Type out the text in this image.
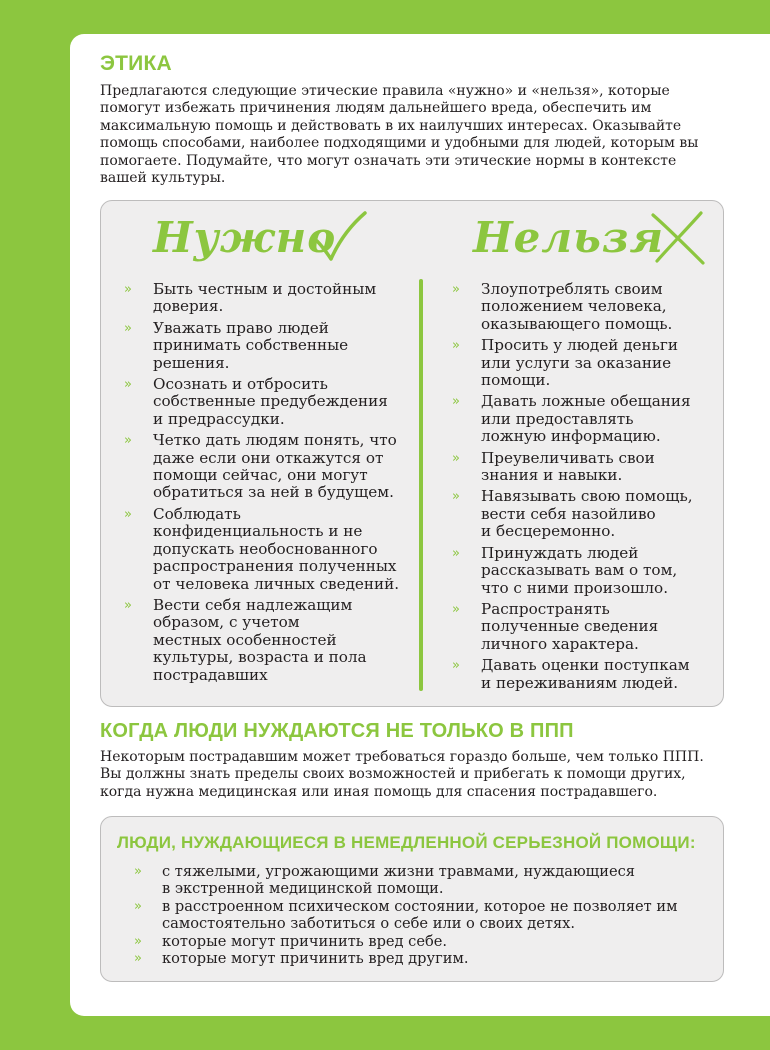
ЭТИКА
Предлагаются следующие этические правила «нужно» и «нельзя», которые
помогут избежать причинения людям дальнейшего вреда, обеспечить им
максимальную помощь и действовать в их наилучших интересах. Оказывайте
помощь способами, наиболее подходящими и удобными для людей, которым вы
помогаете. Подумайте, что могут означать эти этические нормы в контексте
вашей культуры.
Нужно	Нельзя
» Быть честным и достойным
доверия.
» Уважать право людей
принимать собственные
решения.
» Осознать и отбросить
собственные предубеждения
и предрассудки.
» Четко дать людям понять, что
даже если они откажутся от
помощи сейчас, они могут
обратиться за ней в будущем.
» Соблюдать
конфиденциальность и не
допускать необоснованного
распространения полученных
от человека личных сведений.
» Вести себя надлежащим
образом, с учетом
местных особенностей
культуры, возраста и пола
пострадавших
» Злоупотреблять своим
положением человека,
оказывающего помощь.
» Просить у людей деньги
или услуги за оказание
помощи.
» Давать ложные обещания
или предоставлять
ложную информацию.
» Преувеличивать свои
знания и навыки.
» Навязывать свою помощь,
вести себя назойливо
и бесцеремонно.
» Принуждать людей
рассказывать вам о том,
что с ними произошло.
» Распространять
полученные сведения
личного характера.
» Давать оценки поступкам
и переживаниям людей.
КОГДА ЛЮДИ НУЖДАЮТСЯ НЕ ТОЛЬКО В ППП
Некоторым пострадавшим может требоваться гораздо больше, чем только ППП.
Вы должны знать пределы своих возможностей и прибегать к помощи других,
когда нужна медицинская или иная помощь для спасения пострадавшего.
ЛЮДИ, НУЖДАЮЩИЕСЯ В НЕМЕДЛЕННОЙ СЕРЬЕЗНОЙ ПОМОЩИ:
» с тяжелыми, угрожающими жизни травмами, нуждающиеся
в экстренной медицинской помощи.
» в расстроенном психическом состоянии, которое не позволяет им
самостоятельно заботиться о себе или о своих детях.
» которые могут причинить вред себе.
» которые могут причинить вред другим.
